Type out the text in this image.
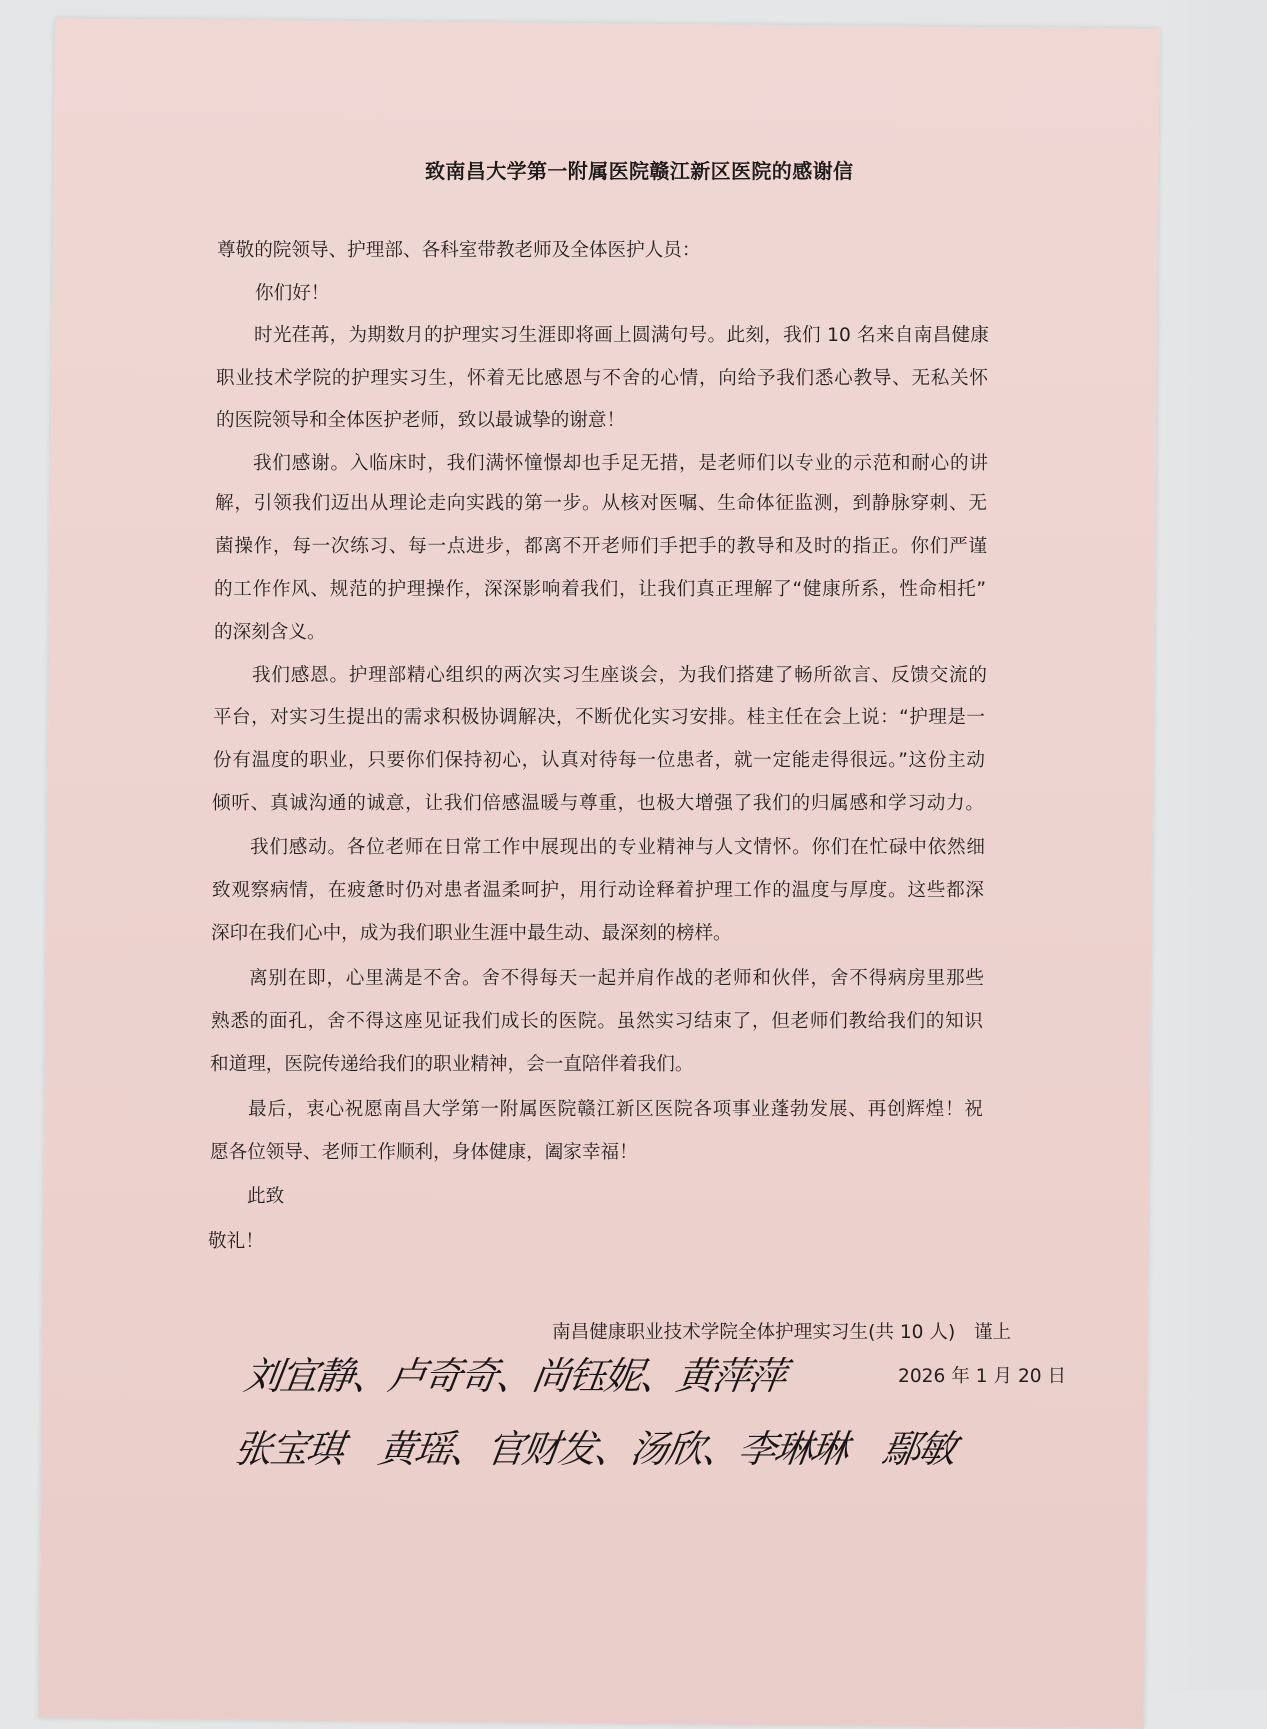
致南昌大学第一附属医院赣江新区医院的感谢信
尊敬的院领导、护理部、各科室带教老师及全体医护人员：
你们好！
时光荏苒，为期数月的护理实习生涯即将画上圆满句号。此刻，我们 10 名来自南昌健康
职业技术学院的护理实习生，怀着无比感恩与不舍的心情，向给予我们悉心教导、无私关怀
的医院领导和全体医护老师，致以最诚挚的谢意！
我们感谢。入临床时，我们满怀憧憬却也手足无措，是老师们以专业的示范和耐心的讲
解，引领我们迈出从理论走向实践的第一步。从核对医嘱、生命体征监测，到静脉穿刺、无
菌操作，每一次练习、每一点进步，都离不开老师们手把手的教导和及时的指正。你们严谨
的工作作风、规范的护理操作，深深影响着我们，让我们真正理解了“健康所系，性命相托”
的深刻含义。
我们感恩。护理部精心组织的两次实习生座谈会，为我们搭建了畅所欲言、反馈交流的
平台，对实习生提出的需求积极协调解决，不断优化实习安排。桂主任在会上说：“护理是一
份有温度的职业，只要你们保持初心，认真对待每一位患者，就一定能走得很远。”这份主动
倾听、真诚沟通的诚意，让我们倍感温暖与尊重，也极大增强了我们的归属感和学习动力。
我们感动。各位老师在日常工作中展现出的专业精神与人文情怀。你们在忙碌中依然细
致观察病情，在疲惫时仍对患者温柔呵护，用行动诠释着护理工作的温度与厚度。这些都深
深印在我们心中，成为我们职业生涯中最生动、最深刻的榜样。
离别在即，心里满是不舍。舍不得每天一起并肩作战的老师和伙伴，舍不得病房里那些
熟悉的面孔，舍不得这座见证我们成长的医院。虽然实习结束了，但老师们教给我们的知识
和道理，医院传递给我们的职业精神，会一直陪伴着我们。
最后，衷心祝愿南昌大学第一附属医院赣江新区医院各项事业蓬勃发展、再创辉煌！祝
愿各位领导、老师工作顺利，身体健康，阖家幸福！
此致
敬礼！
南昌健康职业技术学院全体护理实习生(共 10 人)　谨上
2026 年 1 月 20 日
刘宜静、卢奇奇、尚钰妮、黄萍萍
张宝琪　黄瑶、官财发、汤欣、李琳琳　鄢敏
